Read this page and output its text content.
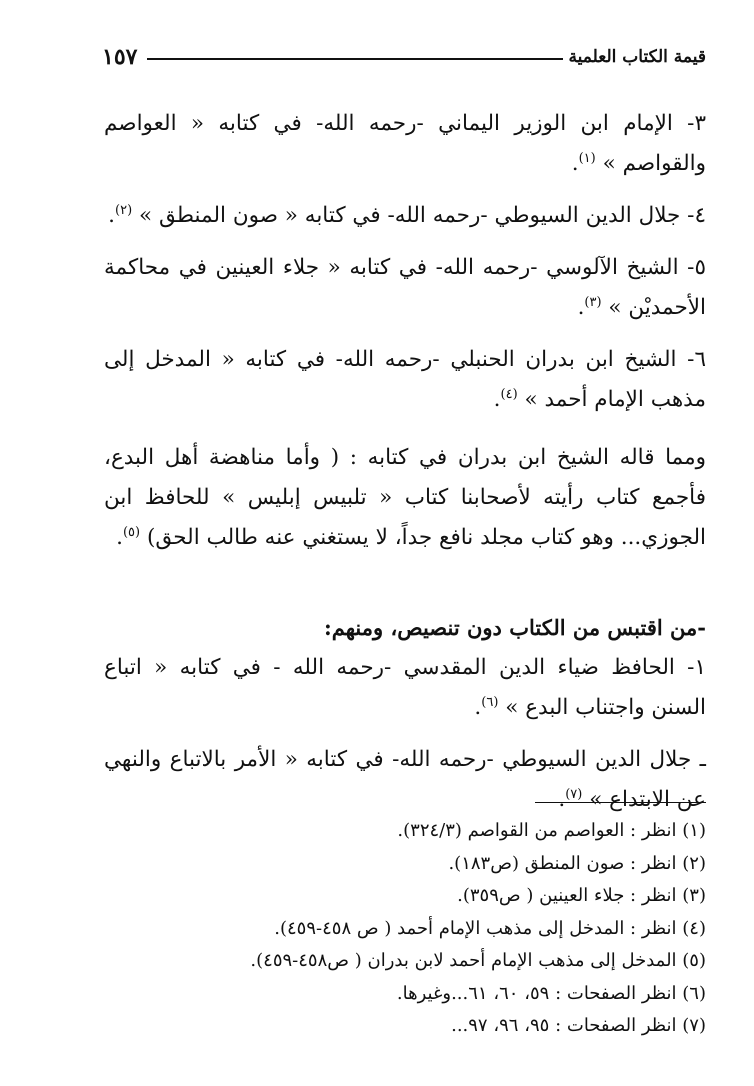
قيمة الكتاب العلمية
١٥٧

٣- الإمام ابن الوزير اليماني -رحمه الله- في كتابه « العواصم والقواصم » $^{(١)}$.

٤- جلال الدين السيوطي -رحمه الله- في كتابه « صون المنطق » $^{(٢)}$.

٥- الشيخ الآلوسي -رحمه الله- في كتابه « جلاء العينين في محاكمة الأحمديْن » $^{(٣)}$.

٦- الشيخ ابن بدران الحنبلي -رحمه الله- في كتابه « المدخل إلى مذهب الإمام أحمد » $^{(٤)}$.

ومما قاله الشيخ ابن بدران في كتابه : ( وأما مناهضة أهل البدع، فأجمع كتاب رأيته لأصحابنا كتاب « تلبيس إبليس » للحافظ ابن الجوزي... وهو كتاب مجلد نافع جداً، لا يستغني عنه طالب الحق) $^{(٥)}$.

-من اقتبس من الكتاب دون تنصيص، ومنهم:

١- الحافظ ضياء الدين المقدسي -رحمه الله - في كتابه « اتباع السنن واجتناب البدع » $^{(٦)}$.

ـ جلال الدين السيوطي -رحمه الله- في كتابه « الأمر بالاتباع والنهي عن الابتداع » $^{(٧)}$.

(١) انظر : العواصم من القواصم (٣٢٤/٣).

(٢) انظر : صون المنطق (ص١٨٣).

(٣) انظر : جلاء العينين ( ص٣٥٩).

(٤) انظر : المدخل إلى مذهب الإمام أحمد ( ص ٤٥٨-٤٥٩).

(٥) المدخل إلى مذهب الإمام أحمد لابن بدران ( ص٤٥٨-٤٥٩).

(٦) انظر الصفحات : ٥٩، ٦٠، ٦١...وغيرها.

(٧) انظر الصفحات : ٩٥، ٩٦، ٩٧...
